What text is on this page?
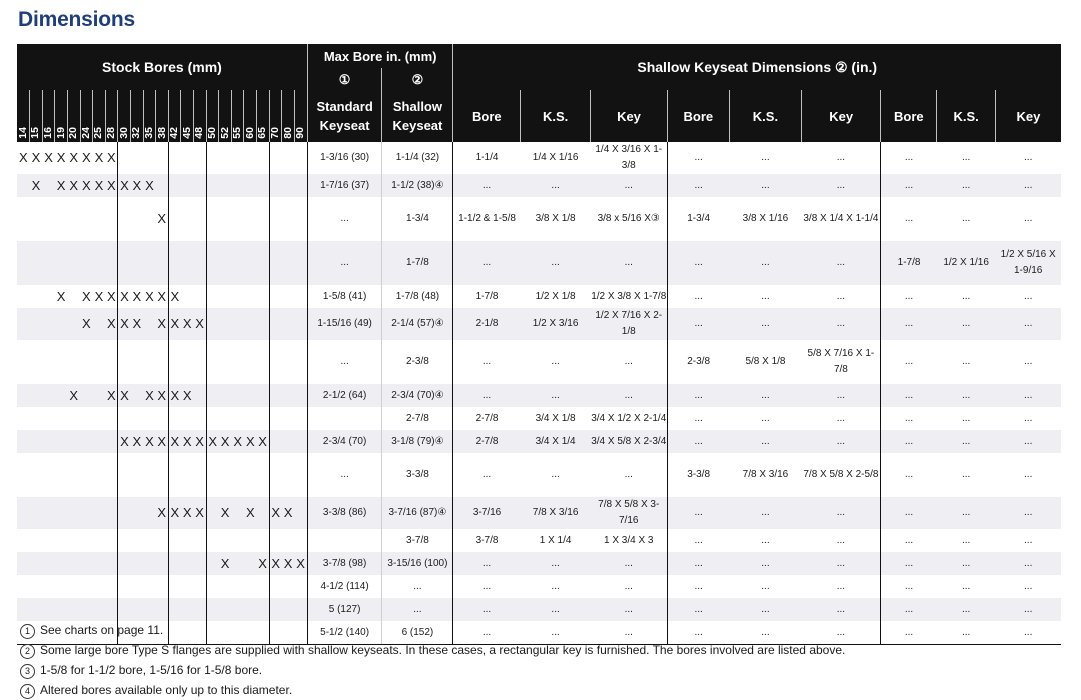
Dimensions
Stock Bores (mm)																							Max Bore in. (mm)		Shallow Keyseat Dimensions ② (in.)								
																							①	②									
																							Standard Keyseat	Shallow Keyseat									
14	15	16	19	20	24	25	28	30	32	35	38	42	45	48	50	52	55	60	65	70	80	90			Bore	K.S.	Key	Bore	K.S.	Key	Bore	K.S.	Key
X	X	X	X	X	X	X	X																1-3/16 (30)	1-1/4 (32)	1-1/4	1/4 X 1/16	1/4 X 3/16 X 1-3/8	...	...	...	...	...	...
	X		X	X	X	X	X	X	X	X													1-7/16 (37)	1-1/2 (38)④	...	...	...	...	...	...	...	...	...
											X												...	1-3/4	1-1/2 & 1-5/8	3/8 X 1/8	3/8 x 5/16 X③	1-3/4	3/8 X 1/16	3/8 X 1/4 X 1-1/4	...	...	...
																							...	1-7/8	...	...	...	...	...	...	1-7/8	1/2 X 1/16	1/2 X 5/16 X 1-9/16
			X		X	X	X	X	X	X	X	X											1-5/8 (41)	1-7/8 (48)	1-7/8	1/2 X 1/8	1/2 X 3/8 X 1-7/8	...	...	...	...	...	...
					X		X	X	X		X	X	X	X									1-15/16 (49)	2-1/4 (57)④	2-1/8	1/2 X 3/16	1/2 X 7/16 X 2-1/8	...	...	...	...	...	...
																							...	2-3/8	...	...	...	2-3/8	5/8 X 1/8	5/8 X 7/16 X 1-7/8	...	...	...
				X			X	X		X	X	X	X										2-1/2 (64)	2-3/4 (70)④	...	...	...	...	...	...	...	...	...
																								2-7/8	2-7/8	3/4 X 1/8	3/4 X 1/2 X 2-1/4	...	...	...	...	...	...
								X	X	X	X	X	X	X	X	X	X	X	X				2-3/4 (70)	3-1/8 (79)④	2-7/8	3/4 X 1/4	3/4 X 5/8 X 2-3/4	...	...	...	...	...	...
																							...	3-3/8	...	...	...	3-3/8	7/8 X 3/16	7/8 X 5/8 X 2-5/8	...	...	...
											X	X	X	X		X		X		X	X		3-3/8 (86)	3-7/16 (87)④	3-7/16	7/8 X 3/16	7/8 X 5/8 X 3-7/16	...	...	...	...	...	...
																								3-7/8	3-7/8	1 X 1/4	1 X 3/4 X 3	...	...	...	...	...	...
																X			X	X	X	X	3-7/8 (98)	3-15/16 (100)	...	...	...	...	...	...	...	...	...
																							4-1/2 (114)	...	...	...	...	...	...	...	...	...	...
																							5 (127)	...	...	...	...	...	...	...	...	...	...
																							5-1/2 (140)	6 (152)	...	...	...	...	...	...	...	...	...
1 See charts on page 11.
2 Some large bore Type S flanges are supplied with shallow keyseats. In these cases, a rectangular key is furnished. The bores involved are listed above.
3 1-5/8 for 1-1/2 bore, 1-5/16 for 1-5/8 bore.
4 Altered bores available only up to this diameter.
